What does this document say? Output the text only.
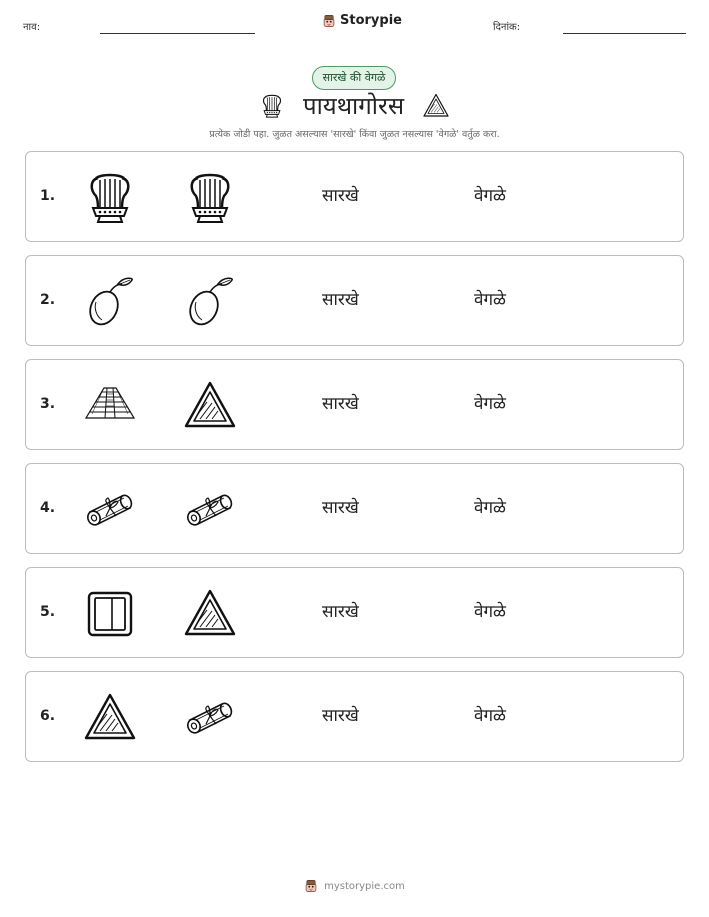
नाव:	Storypie	दिनांक:
सारखे की वेगळे
पायथागोरस
प्रत्येक जोडी पहा. जुळत असल्यास 'सारखे' किंवा जुळत नसल्यास 'वेगळे' वर्तुळ करा.
1.	सारखे	वेगळे
2.	सारखे	वेगळे
3.	सारखे	वेगळे
4.	सारखे	वेगळे
5.	सारखे	वेगळे
6.	सारखे	वेगळे
mystorypie.com
